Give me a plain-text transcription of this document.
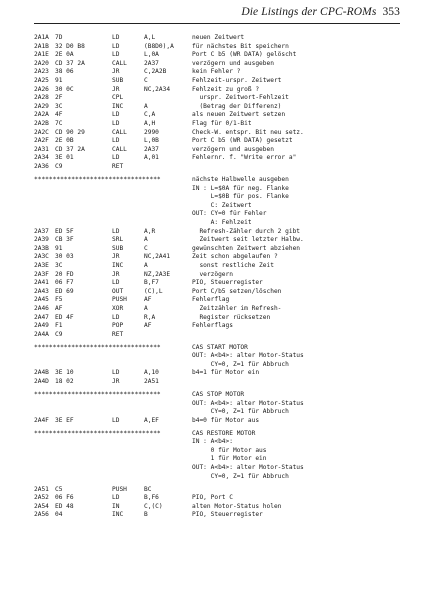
Die Listings der CPC-ROMs 353
2A1A 7D	LD	A,L	neuen Zeitwert
2A1B 32 D0 B8	LD	(B8D0),A	für nächstes Bit speichern
2A1E 2E 0A	LD	L,0A	Port C b5 (WR DATA) gelöscht
2A20 CD 37 2A	CALL	2A37	verzögern und ausgeben
2A23 38 06	JR	C,2A2B	kein Fehler ?
2A25 91	SUB	C	Fehlzeit-urspr. Zeitwert
2A26 30 0C	JR	NC,2A34	Fehlzeit zu groß ?
2A28 2F	CPL	urspr. Zeitwort-Fehlzeit
2A29 3C	INC	A	(Betrag der Differenz)
2A2A 4F	LD	C,A	als neuen Zeitwert setzen
2A2B 7C	LD	A,H	Flag für 0/1-Bit
2A2C CD 90 29	CALL	2990	Check-W. entspr. Bit neu setz.
2A2F 2E 0B	LD	L,0B	Port C b5 (WR DATA) gesetzt
2A31 CD 37 2A	CALL	2A37	verzögern und ausgeben
2A34 3E 01	LD	A,01	Fehlernr. f. "Write error a"
2A36 C9	RET
**********************************	nächste Halbwelle ausgeben
IN : L=$0A für neg. Flanke
L=$0B für pos. Flanke
C: Zeitwert
OUT: CY=0 für Fehler
A: Fehlzeit
2A37 ED 5F	LD	A,R	Refresh-Zähler durch 2 gibt
2A39 CB 3F	SRL	A	Zeitwert seit letzter Halbw.
2A3B 91	SUB	C	gewünschten Zeitwert abziehen
2A3C 30 03	JR	NC,2A41	Zeit schon abgelaufen ?
2A3E 3C	INC	A	sonst restliche Zeit
2A3F 20 FD	JR	NZ,2A3E	verzögern
2A41 06 F7	LD	B,F7	PIO, Steuerregister
2A43 ED 69	OUT	(C),L	Port C/b5 setzen/löschen
2A45 F5	PUSH	AF	Fehlerflag
2A46 AF	XOR	A	Zeitzähler im Refresh-
2A47 ED 4F	LD	R,A	Register rücksetzen
2A49 F1	POP	AF	Fehlerflags
2A4A C9	RET
**********************************	CAS START MOTOR
OUT: A<b4>: alter Motor-Status
CY=0, Z=1 für Abbruch
2A4B 3E 10	LD	A,10	b4=1 für Motor ein
2A4D 18 02	JR	2A51
**********************************	CAS STOP MOTOR
OUT: A<b4>: alter Motor-Status
CY=0, Z=1 für Abbruch
2A4F 3E EF	LD	A,EF	b4=0 für Motor aus
**********************************	CAS RESTORE MOTOR
IN : A<b4>:
0 für Motor aus
1 für Motor ein
OUT: A<b4>: alter Motor-Status
CY=0, Z=1 für Abbruch
2A51 C5	PUSH	BC
2A52 06 F6	LD	B,F6	PIO, Port C
2A54 ED 48	IN	C,(C)	alten Motor-Status holen
2A56 04	INC	B	PIO, Steuerregister
